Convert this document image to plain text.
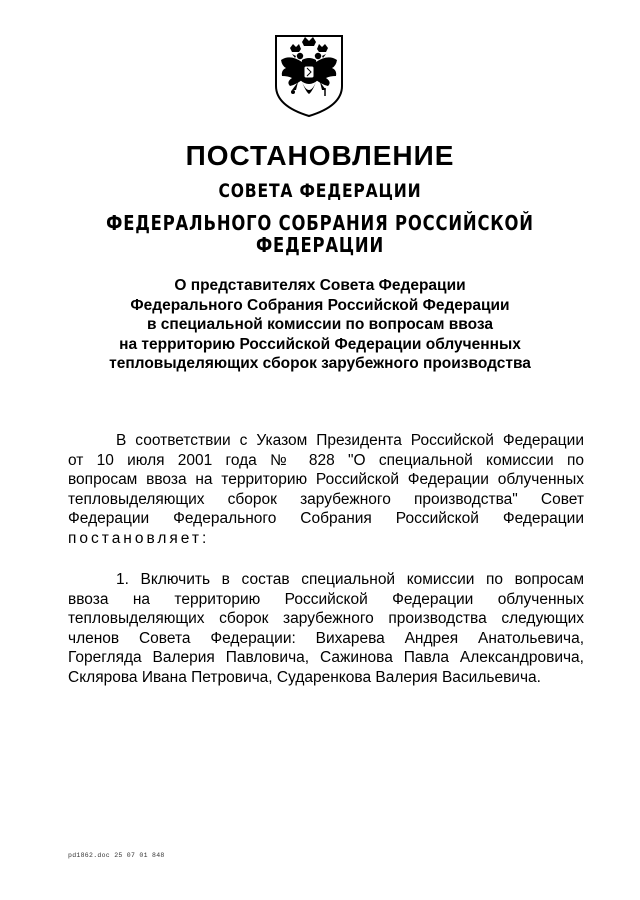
ПОСТАНОВЛЕНИЕ
СОВЕТА ФЕДЕРАЦИИ
ФЕДЕРАЛЬНОГО СОБРАНИЯ РОССИЙСКОЙ ФЕДЕРАЦИИ
О представителях Совета Федерации
Федерального Собрания Российской Федерации
в специальной комиссии по вопросам ввоза
на территорию Российской Федерации облученных
тепловыделяющих сборок зарубежного производства
В соответствии с Указом Президента Российской Федерации
от 10 июля 2001 года № 828 "О специальной комиссии по
вопросам ввоза на территорию Российской Федерации облученных
тепловыделяющих сборок зарубежного производства" Совет
Федерации Федерального Собрания Российской Федерации
постановляет:
1. Включить в состав специальной комиссии по вопросам
ввоза на территорию Российской Федерации облученных
тепловыделяющих сборок зарубежного производства следующих
членов Совета Федерации: Вихарева Андрея Анатольевича,
Горегляда Валерия Павловича, Сажинова Павла Александровича,
Склярова Ивана Петровича, Сударенкова Валерия Васильевича.
pd1862.doc 25 07 01 848
